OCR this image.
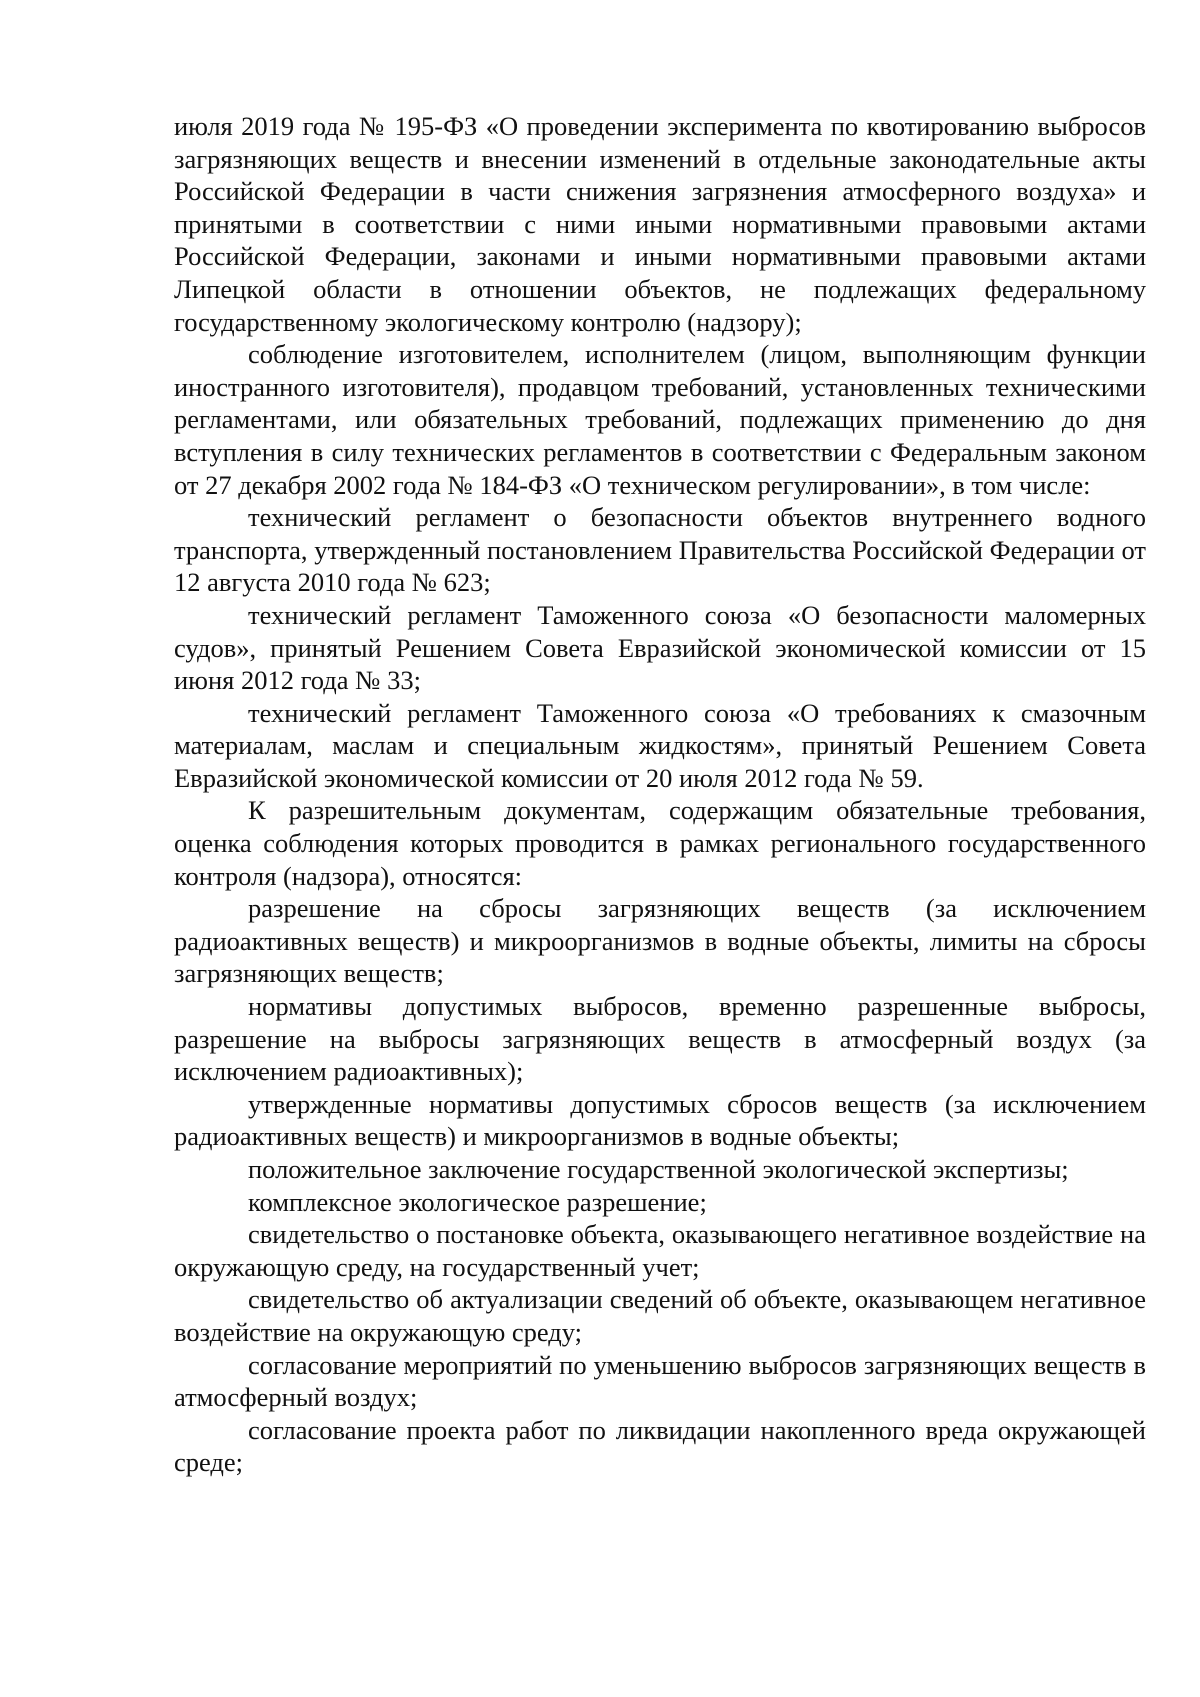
июля 2019 года № 195-ФЗ «О проведении эксперимента по квотированию выбросов загрязняющих веществ и внесении изменений в отдельные законодательные акты Российской Федерации в части снижения загрязнения атмосферного воздуха» и принятыми в соответствии с ними иными нормативными правовыми актами Российской Федерации, законами и иными нормативными правовыми актами Липецкой области в отношении объектов, не подлежащих федеральному государственному экологическому контролю (надзору);

соблюдение изготовителем, исполнителем (лицом, выполняющим функции иностранного изготовителя), продавцом требований, установленных техническими регламентами, или обязательных требований, подлежащих применению до дня вступления в силу технических регламентов в соответствии с Федеральным законом от 27 декабря 2002 года № 184-ФЗ «О техническом регулировании», в том числе:

технический регламент о безопасности объектов внутреннего водного транспорта, утвержденный постановлением Правительства Российской Федерации от 12 августа 2010 года № 623;

технический регламент Таможенного союза «О безопасности маломерных судов», принятый Решением Совета Евразийской экономической комиссии от 15 июня 2012 года № 33;

технический регламент Таможенного союза «О требованиях к смазочным материалам, маслам и специальным жидкостям», принятый Решением Совета Евразийской экономической комиссии от 20 июля 2012 года № 59.

К разрешительным документам, содержащим обязательные требования, оценка соблюдения которых проводится в рамках регионального государственного контроля (надзора), относятся:

разрешение на сбросы загрязняющих веществ (за исключением радиоактивных веществ) и микроорганизмов в водные объекты, лимиты на сбросы загрязняющих веществ;

нормативы допустимых выбросов, временно разрешенные выбросы, разрешение на выбросы загрязняющих веществ в атмосферный воздух (за исключением радиоактивных);

утвержденные нормативы допустимых сбросов веществ (за исключением радиоактивных веществ) и микроорганизмов в водные объекты;

положительное заключение государственной экологической экспертизы;

комплексное экологическое разрешение;

свидетельство о постановке объекта, оказывающего негативное воздействие на окружающую среду, на государственный учет;

свидетельство об актуализации сведений об объекте, оказывающем негативное воздействие на окружающую среду;

согласование мероприятий по уменьшению выбросов загрязняющих веществ в атмосферный воздух;

согласование проекта работ по ликвидации накопленного вреда окружающей среде;
